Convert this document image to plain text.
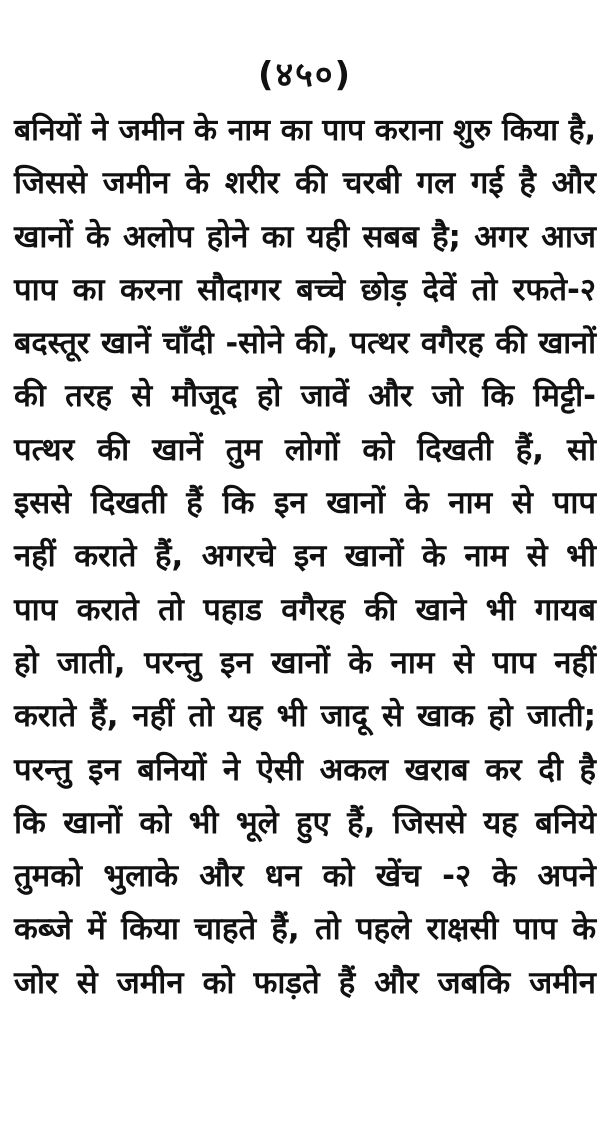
(४५०)
बनियों ने जमीन के नाम का पाप कराना शुरु किया है,
जिससे जमीन के शरीर की चरबी गल गई है और
खानों के अलोप होने का यही सबब है; अगर आज
पाप का करना सौदागर बच्चे छोड़ देवें तो रफते-२
बदस्तूर खानें चाँदी -सोने की, पत्थर वगैरह की खानों
की तरह से मौजूद हो जावें और जो कि मिट्टी-
पत्थर की खानें तुम लोगों को दिखती हैं, सो
इससे दिखती हैं कि इन खानों के नाम से पाप
नहीं कराते हैं, अगरचे इन खानों के नाम से भी
पाप कराते तो पहाड वगैरह की खाने भी गायब
हो जाती, परन्तु इन खानों के नाम से पाप नहीं
कराते हैं, नहीं तो यह भी जादू से खाक हो जाती;
परन्तु इन बनियों ने ऐसी अकल खराब कर दी है
कि खानों को भी भूले हुए हैं, जिससे यह बनिये
तुमको भुलाके और धन को खेंच -२ के अपने
कब्जे में किया चाहते हैं, तो पहले राक्षसी पाप के
जोर से जमीन को फाड़ते हैं और जबकि जमीन
